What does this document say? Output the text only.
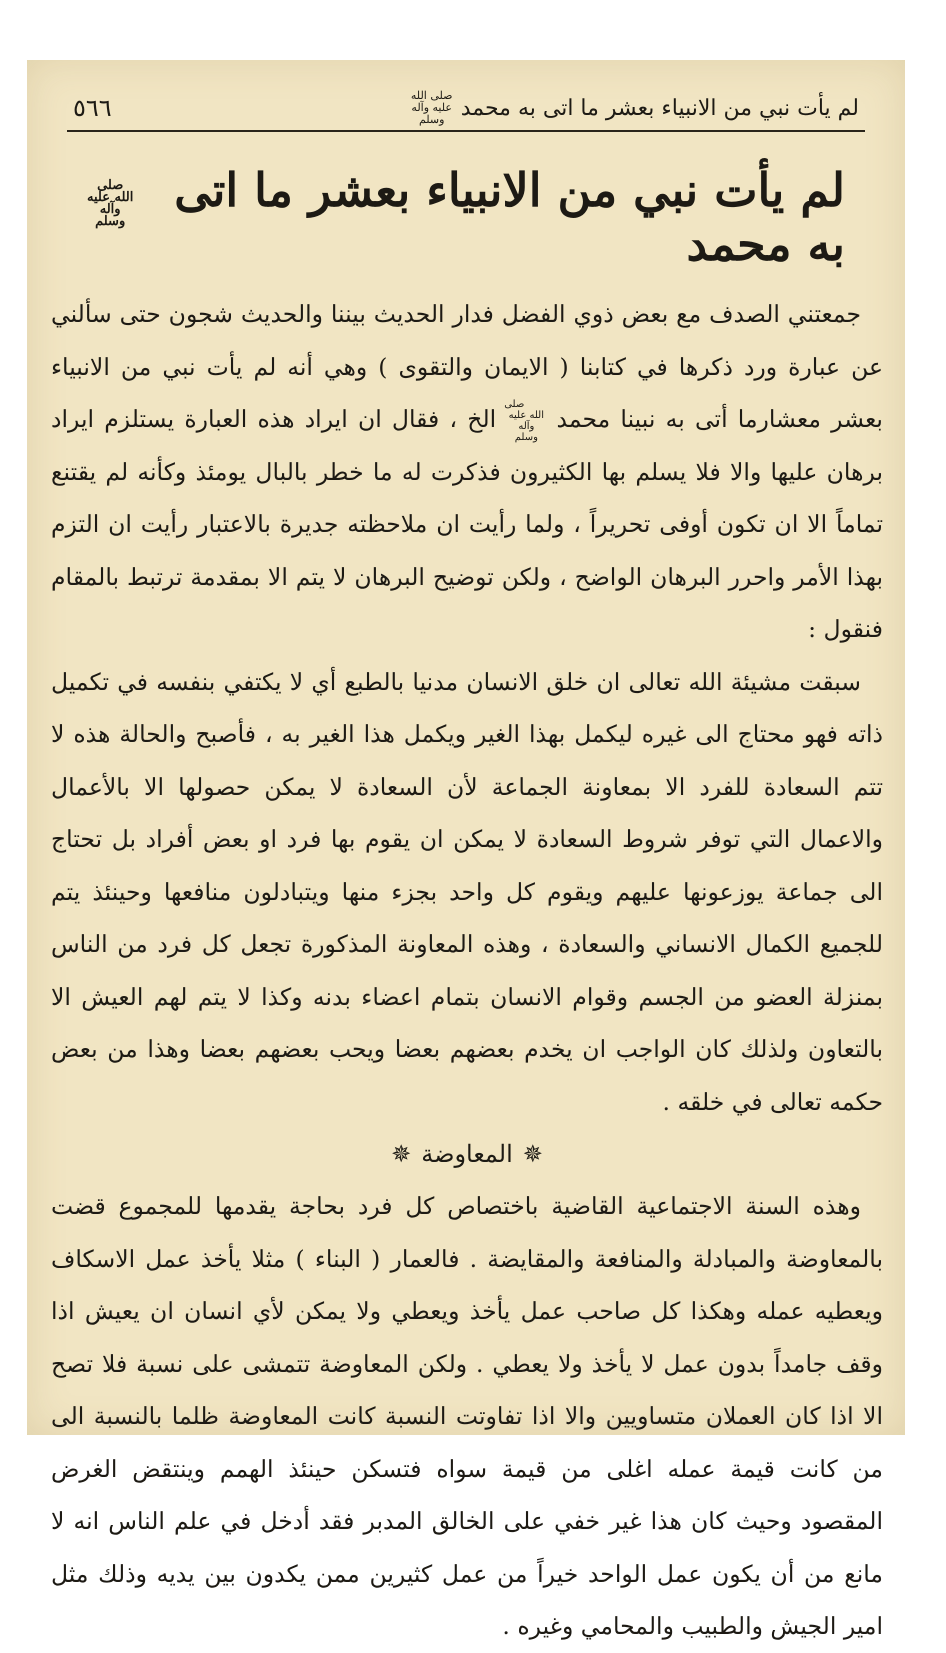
لم يأت نبي من الانبياء بعشر ما اتى به محمد
صلى الله عليه وآله وسلم
٥٦٦
لم يأت نبي من الانبياء بعشر ما اتى به محمد
صلى الله عليه وآله وسلم

جمعتني الصدف مع بعض ذوي الفضل فدار الحديث بيننا والحديث شجون حتى سألني عن عبارة ورد ذكرها في كتابنا ( الايمان والتقوى ) وهي أنه لم يأت نبي من الانبياء بعشر معشارما أتى به نبينا محمد صلى الله عليه وآله وسلم الخ ، فقال ان ايراد هذه العبارة يستلزم ايراد برهان عليها والا فلا يسلم بها الكثيرون فذكرت له ما خطر بالبال يومئذ وكأنه لم يقتنع تماماً الا ان تكون أوفى تحريراً ، ولما رأيت ان ملاحظته جديرة بالاعتبار رأيت ان التزم بهذا الأمر واحرر البرهان الواضح ، ولكن توضيح البرهان لا يتم الا بمقدمة ترتبط بالمقام فنقول :

سبقت مشيئة الله تعالى ان خلق الانسان مدنيا بالطبع أي لا يكتفي بنفسه في تكميل ذاته فهو محتاج الى غيره ليكمل بهذا الغير ويكمل هذا الغير به ، فأصبح والحالة هذه لا تتم السعادة للفرد الا بمعاونة الجماعة لأن السعادة لا يمكن حصولها الا بالأعمال والاعمال التي توفر شروط السعادة لا يمكن ان يقوم بها فرد او بعض أفراد بل تحتاج الى جماعة يوزعونها عليهم ويقوم كل واحد بجزء منها ويتبادلون منافعها وحينئذ يتم للجميع الكمال الانساني والسعادة ، وهذه المعاونة المذكورة تجعل كل فرد من الناس بمنزلة العضو من الجسم وقوام الانسان بتمام اعضاء بدنه وكذا لا يتم لهم العيش الا بالتعاون ولذلك كان الواجب ان يخدم بعضهم بعضا ويحب بعضهم بعضا وهذا من بعض حكمه تعالى في خلقه .

✵
المعاوضة
✵

وهذه السنة الاجتماعية القاضية باختصاص كل فرد بحاجة يقدمها للمجموع قضت بالمعاوضة والمبادلة والمنافعة والمقايضة . فالعمار ( البناء ) مثلا يأخذ عمل الاسكاف ويعطيه عمله وهكذا كل صاحب عمل يأخذ ويعطي ولا يمكن لأي انسان ان يعيش اذا وقف جامداً بدون عمل لا يأخذ ولا يعطي . ولكن المعاوضة تتمشى على نسبة فلا تصح الا اذا كان العملان متساويين والا اذا تفاوتت النسبة كانت المعاوضة ظلما بالنسبة الى من كانت قيمة عمله اغلى من قيمة سواه فتسكن حينئذ الهمم وينتقض الغرض المقصود وحيث كان هذا غير خفي على الخالق المدبر فقد أدخل في علم الناس انه لا مانع من أن يكون عمل الواحد خيراً من عمل كثيرين ممن يكدون بين يديه وذلك مثل امير الجيش والطبيب والمحامي وغيره .
